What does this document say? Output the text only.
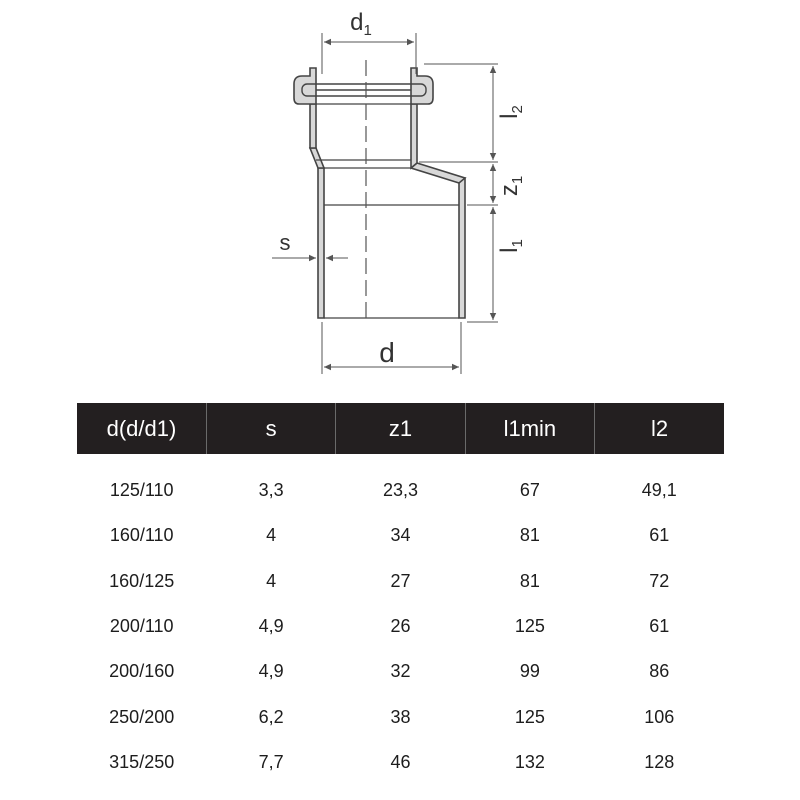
$d_1$
$l_2$
$z_1$
$l_1$
s
d
d(d/d1)	s	z1	l1min	l2
125/110	3,3	23,3	67	49,1
160/110	4	34	81	61
160/125	4	27	81	72
200/110	4,9	26	125	61
200/160	4,9	32	99	86
250/200	6,2	38	125	106
315/250	7,7	46	132	128
